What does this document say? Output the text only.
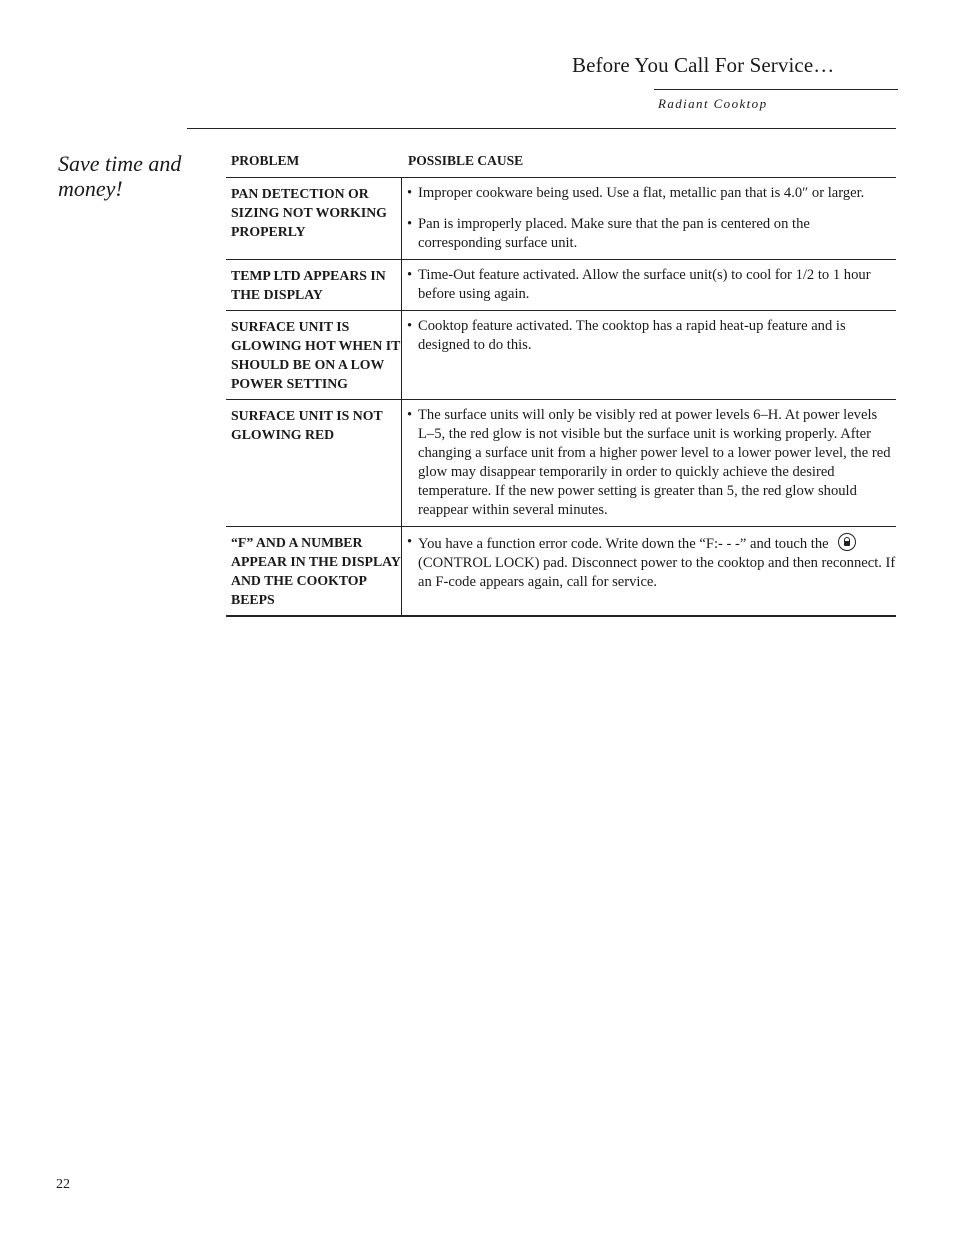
Before You Call For Service…
Radiant Cooktop
Save time and money!
PROBLEM	POSSIBLE CAUSE
PAN DETECTION OR SIZING NOT WORKING PROPERLY
• Improper cookware being used. Use a flat, metallic pan that is 4.0″ or larger.
• Pan is improperly placed. Make sure that the pan is centered on the corresponding surface unit.
TEMP LTD APPEARS IN THE DISPLAY
• Time-Out feature activated. Allow the surface unit(s) to cool for 1/2 to 1 hour before using again.
SURFACE UNIT IS GLOWING HOT WHEN IT SHOULD BE ON A LOW POWER SETTING
• Cooktop feature activated. The cooktop has a rapid heat-up feature and is designed to do this.
SURFACE UNIT IS NOT GLOWING RED
• The surface units will only be visibly red at power levels 6–H. At power levels L–5, the red glow is not visible but the surface unit is working properly. After changing a surface unit from a higher power level to a lower power level, the red glow may disappear temporarily in order to quickly achieve the desired temperature. If the new power setting is greater than 5, the red glow should reappear within several minutes.
“F” AND A NUMBER APPEAR IN THE DISPLAY AND THE COOKTOP BEEPS
• You have a function error code. Write down the “F:- - -” and touch the
(CONTROL LOCK) pad. Disconnect power to the cooktop and then reconnect. If an F-code appears again, call for service.
22
